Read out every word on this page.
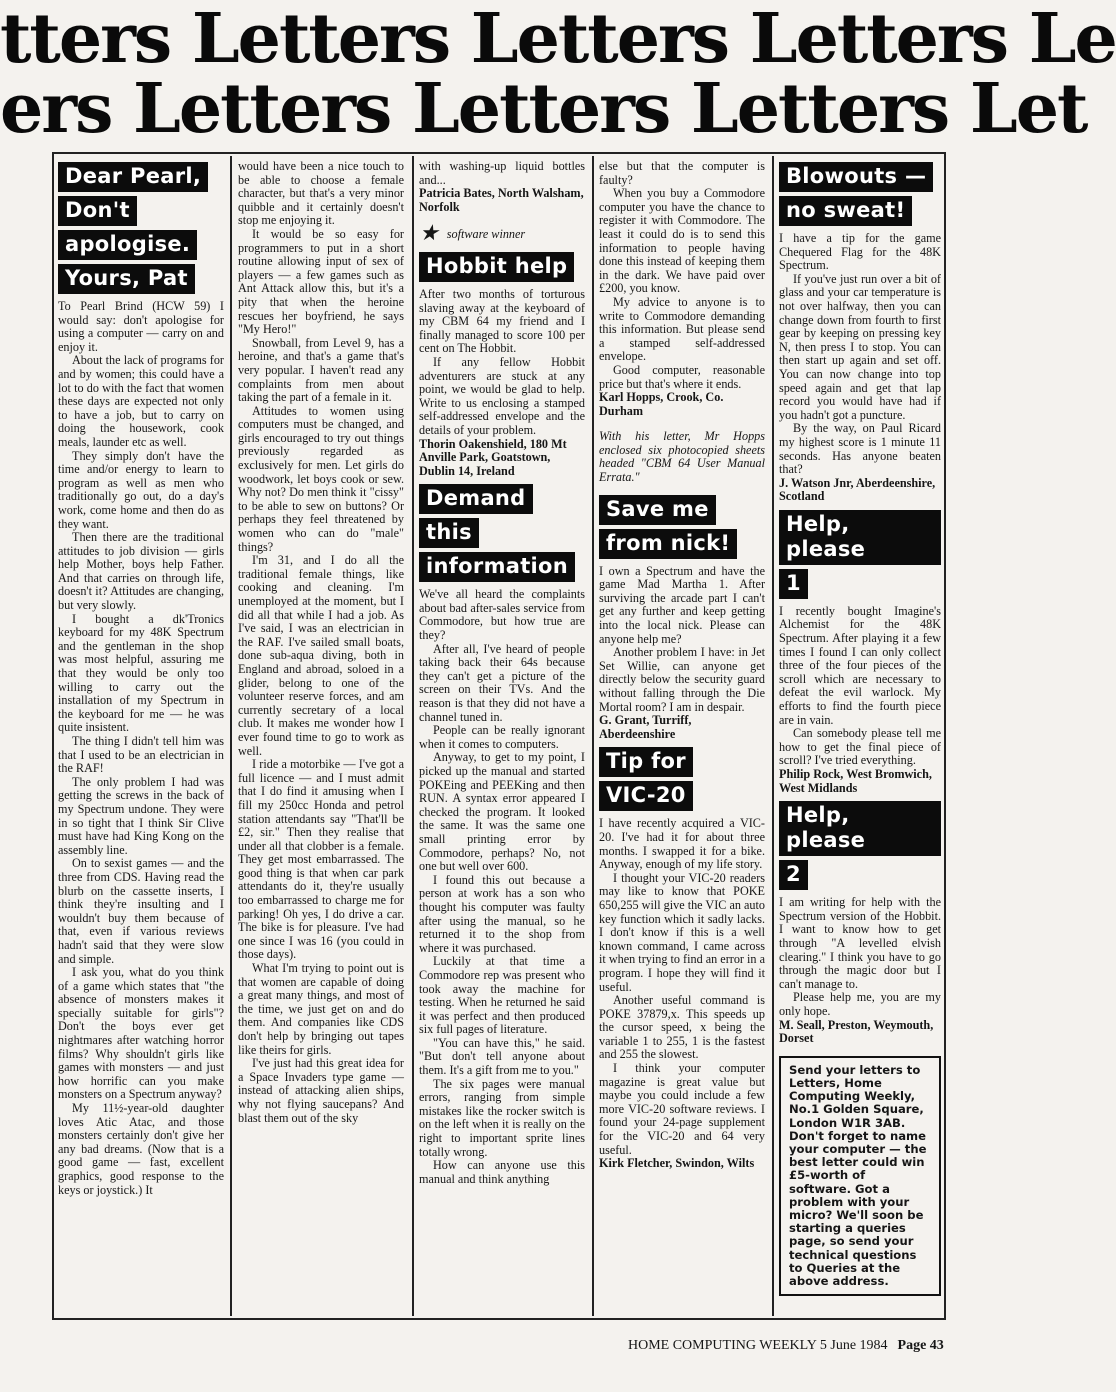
tters Letters Letters Letters Le
ers Letters Letters Letters Let
Dear Pearl,
Don't
apologise.
Yours, Pat

To Pearl Brind (HCW 59) I would say: don't apologise for using a computer — carry on and enjoy it.

About the lack of programs for and by women; this could have a lot to do with the fact that women these days are expected not only to have a job, but to carry on doing the housework, cook meals, launder etc as well.

They simply don't have the time and/or energy to learn to program as well as men who traditionally go out, do a day's work, come home and then do as they want.

Then there are the traditional attitudes to job division — girls help Mother, boys help Father. And that carries on through life, doesn't it? Attitudes are changing, but very slowly.

I bought a dk'Tronics keyboard for my 48K Spectrum and the gentleman in the shop was most helpful, assuring me that they would be only too willing to carry out the installation of my Spectrum in the keyboard for me — he was quite insistent.

The thing I didn't tell him was that I used to be an electrician in the RAF!

The only problem I had was getting the screws in the back of my Spectrum undone. They were in so tight that I think Sir Clive must have had King Kong on the assembly line.

On to sexist games — and the three from CDS. Having read the blurb on the cassette inserts, I think they're insulting and I wouldn't buy them because of that, even if various reviews hadn't said that they were slow and simple.

I ask you, what do you think of a game which states that "the absence of monsters makes it specially suitable for girls"? Don't the boys ever get nightmares after watching horror films? Why shouldn't girls like games with monsters — and just how horrific can you make monsters on a Spectrum anyway?

My 11½-year-old daughter loves Atic Atac, and those monsters certainly don't give her any bad dreams. (Now that is a good game — fast, excellent graphics, good response to the keys or joystick.) It

would have been a nice touch to be able to choose a female character, but that's a very minor quibble and it certainly doesn't stop me enjoying it.

It would be so easy for programmers to put in a short routine allowing input of sex of players — a few games such as Ant Attack allow this, but it's a pity that when the heroine rescues her boyfriend, he says "My Hero!"

Snowball, from Level 9, has a heroine, and that's a game that's very popular. I haven't read any complaints from men about taking the part of a female in it.

Attitudes to women using computers must be changed, and girls encouraged to try out things previously regarded as exclusively for men. Let girls do woodwork, let boys cook or sew. Why not? Do men think it "cissy" to be able to sew on buttons? Or perhaps they feel threatened by women who can do "male" things?

I'm 31, and I do all the traditional female things, like cooking and cleaning. I'm unemployed at the moment, but I did all that while I had a job. As I've said, I was an electrician in the RAF. I've sailed small boats, done sub-aqua diving, both in England and abroad, soloed in a glider, belong to one of the volunteer reserve forces, and am currently secretary of a local club. It makes me wonder how I ever found time to go to work as well.

I ride a motorbike — I've got a full licence — and I must admit that I do find it amusing when I fill my 250cc Honda and petrol station attendants say "That'll be £2, sir." Then they realise that under all that clobber is a female. They get most embarrassed. The good thing is that when car park attendants do it, they're usually too embarrassed to charge me for parking! Oh yes, I do drive a car. The bike is for pleasure. I've had one since I was 16 (you could in those days).

What I'm trying to point out is that women are capable of doing a great many things, and most of the time, we just get on and do them. And companies like CDS don't help by bringing out tapes like theirs for girls.

I've just had this great idea for a Space Invaders type game — instead of attacking alien ships, why not flying saucepans? And blast them out of the sky

with washing-up liquid bottles and...

Patricia Bates, North Walsham, Norfolk

★ software winner

Hobbit help

After two months of torturous slaving away at the keyboard of my CBM 64 my friend and I finally managed to score 100 per cent on The Hobbit.

If any fellow Hobbit adventurers are stuck at any point, we would be glad to help. Write to us enclosing a stamped self-addressed envelope and the details of your problem.

Thorin Oakenshield, 180 Mt Anville Park, Goatstown, Dublin 14, Ireland

Demand
this
information

We've all heard the complaints about bad after-sales service from Commodore, but how true are they?

After all, I've heard of people taking back their 64s because they can't get a picture of the screen on their TVs. And the reason is that they did not have a channel tuned in.

People can be really ignorant when it comes to computers.

Anyway, to get to my point, I picked up the manual and started POKEing and PEEKing and then RUN. A syntax error appeared I checked the program. It looked the same. It was the same one small printing error by Commodore, perhaps? No, not one but well over 600.

I found this out because a person at work has a son who thought his computer was faulty after using the manual, so he returned it to the shop from where it was purchased.

Luckily at that time a Commodore rep was present who took away the machine for testing. When he returned he said it was perfect and then produced six full pages of literature.

"You can have this," he said. "But don't tell anyone about them. It's a gift from me to you."

The six pages were manual errors, ranging from simple mistakes like the rocker switch is on the left when it is really on the right to important sprite lines totally wrong.

How can anyone use this manual and think anything

else but that the computer is faulty?

When you buy a Commodore computer you have the chance to register it with Commodore. The least it could do is to send this information to people having done this instead of keeping them in the dark. We have paid over £200, you know.

My advice to anyone is to write to Commodore demanding this information. But please send a stamped self-addressed envelope.

Good computer, reasonable price but that's where it ends.

Karl Hopps, Crook, Co. Durham

With his letter, Mr Hopps enclosed six photocopied sheets headed "CBM 64 User Manual Errata."

Save me
from nick!

I own a Spectrum and have the game Mad Martha 1. After surviving the arcade part I can't get any further and keep getting into the local nick. Please can anyone help me?

Another problem I have: in Jet Set Willie, can anyone get directly below the security guard without falling through the Die Mortal room? I am in despair.

G. Grant, Turriff, Aberdeenshire

Tip for
VIC-20

I have recently acquired a VIC-20. I've had it for about three months. I swapped it for a bike. Anyway, enough of my life story.

I thought your VIC-20 readers may like to know that POKE 650,255 will give the VIC an auto key function which it sadly lacks. I don't know if this is a well known command, I came across it when trying to find an error in a program. I hope they will find it useful.

Another useful command is POKE 37879,x. This speeds up the cursor speed, x being the variable 1 to 255, 1 is the fastest and 255 the slowest.

I think your computer magazine is great value but maybe you could include a few more VIC-20 software reviews. I found your 24-page supplement for the VIC-20 and 64 very useful.

Kirk Fletcher, Swindon, Wilts

Blowouts —
no sweat!

I have a tip for the game Chequered Flag for the 48K Spectrum.

If you've just run over a bit of glass and your car temperature is not over halfway, then you can change down from fourth to first gear by keeping on pressing key N, then press I to stop. You can then start up again and set off. You can now change into top speed again and get that lap record you would have had if you hadn't got a puncture.

By the way, on Paul Ricard my highest score is 1 minute 11 seconds. Has anyone beaten that?

J. Watson Jnr, Aberdeenshire, Scotland

Help, please
1

I recently bought Imagine's Alchemist for the 48K Spectrum. After playing it a few times I found I can only collect three of the four pieces of the scroll which are necessary to defeat the evil warlock. My efforts to find the fourth piece are in vain.

Can somebody please tell me how to get the final piece of scroll? I've tried everything.

Philip Rock, West Bromwich, West Midlands

Help, please
2

I am writing for help with the Spectrum version of the Hobbit. I want to know how to get through "A levelled elvish clearing." I think you have to go through the magic door but I can't manage to.

Please help me, you are my only hope.

M. Seall, Preston, Weymouth, Dorset

Send your letters to Letters, Home Computing Weekly, No.1 Golden Square, London W1R 3AB. Don't forget to name your computer — the best letter could win £5-worth of software. Got a problem with your micro? We'll soon be starting a queries page, so send your technical questions to Queries at the above address.
HOME COMPUTING WEEKLY 5 June 1984 Page 43
